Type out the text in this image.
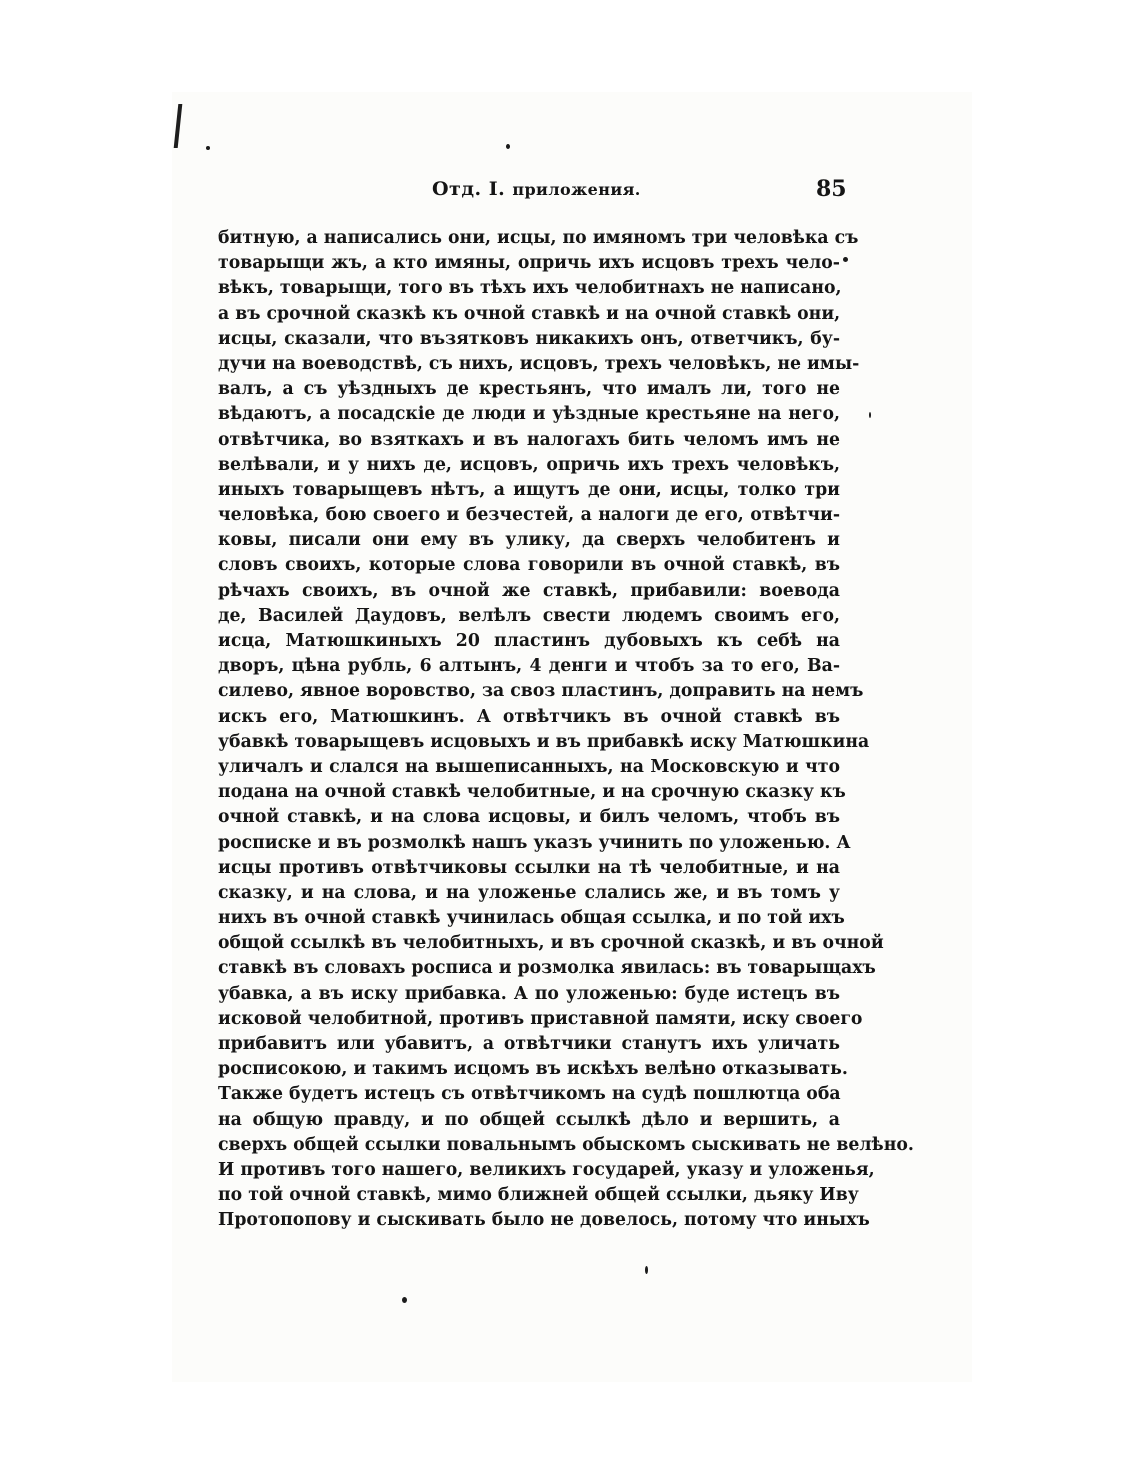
Отд. I. приложения.	85
битную, а написались они, исцы, по имяномъ три человѣка съ
товарыщи жъ, а кто имяны, опричь ихъ исцовъ трехъ чело-
вѣкъ, товарыщи, того въ тѣхъ ихъ челобитнахъ не написано,
а въ срочной сказкѣ къ очной ставкѣ и на очной ставкѣ они,
исцы, сказали, что възятковъ никакихъ онъ, ответчикъ, бу-
дучи на воеводствѣ, съ нихъ, исцовъ, трехъ человѣкъ, не имы-
валъ, а съ уѣздныхъ де крестьянъ, что ималъ ли, того не
вѣдаютъ, а посадскіе де люди и уѣздные крестьяне на него,
отвѣтчика, во взяткахъ и въ налогахъ бить челомъ имъ не
велѣвали, и у нихъ де, исцовъ, опричь ихъ трехъ человѣкъ,
иныхъ товарыщевъ нѣтъ, а ищутъ де они, исцы, толко три
человѣка, бою своего и безчестей, а налоги де его, отвѣтчи-
ковы, писали они ему въ улику, да сверхъ челобитенъ и
словъ своихъ, которые слова говорили въ очной ставкѣ, въ
рѣчахъ своихъ, въ очной же ставкѣ, прибавили: воевода
де, Василей Даудовъ, велѣлъ свести людемъ своимъ его,
исца, Матюшкиныхъ 20 пластинъ дубовыхъ къ себѣ на
дворъ, цѣна рубль, 6 алтынъ, 4 денги и чтобъ за то его, Ва-
силево, явное воровство, за своз пластинъ, доправить на немъ
искъ его, Матюшкинъ. А отвѣтчикъ въ очной ставкѣ въ
убавкѣ товарыщевъ исцовыхъ и въ прибавкѣ иску Матюшкина
уличалъ и слался на вышеписанныхъ, на Московскую и что
подана на очной ставкѣ челобитные, и на срочную сказку къ
очной ставкѣ, и на слова исцовы, и билъ челомъ, чтобъ въ
росписке и въ розмолкѣ нашъ указъ учинить по уложенью. А
исцы противъ отвѣтчиковы ссылки на тѣ челобитные, и на
сказку, и на слова, и на уложенье слались же, и въ томъ у
нихъ въ очной ставкѣ учинилась общая ссылка, и по той ихъ
общой ссылкѣ въ челобитныхъ, и въ срочной сказкѣ, и въ очной
ставкѣ въ словахъ росписа и розмолка явилась: въ товарыщахъ
убавка, а въ иску прибавка. А по уложенью: буде истецъ въ
исковой челобитной, противъ приставной памяти, иску своего
прибавитъ или убавитъ, а отвѣтчики станутъ ихъ уличать
росписокою, и такимъ исцомъ въ искѣхъ велѣно отказывать.
Также будетъ истецъ съ отвѣтчикомъ на судѣ пошлютца оба
на общую правду, и по общей ссылкѣ дѣло и вершить, а
сверхъ общей ссылки повальнымъ обыскомъ сыскивать не велѣно.
И противъ того нашего, великихъ государей, указу и уложенья,
по той очной ставкѣ, мимо ближней общей ссылки, дьяку Иву
Протопопову и сыскивать было не довелось, потому что иныхъ
